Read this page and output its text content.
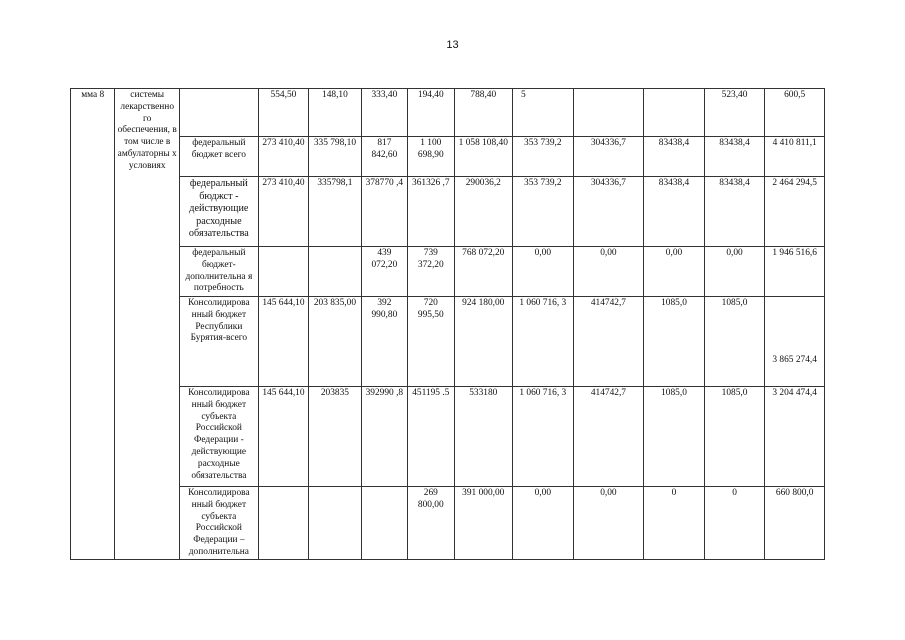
13
мма 8	системы лекарственно го обеспечения, в том числе в амбулаторны х условиях		554,50	148,10	333,40	194,40	788,40	5			523,40	600,5
		федеральный бюджет всего	273 410,40	335 798,10	817 842,60	1 100 698,90	1 058 108,40	353 739,2	304336,7	83438,4	83438,4	4 410 811,1
		федеральный бюджст - действующие расходные обязательства	273 410,40	335798,1	378770 ,4	361326 ,7	290036,2	353 739,2	304336,7	83438,4	83438,4	2 464 294,5
		федеральный бюджет- дополнительна я потребность			439 072,20	739 372,20	768 072,20	0,00	0,00	0,00	0,00	1 946 516,6
		Консолидирова нный бюджет Республики Бурятия-всего	145 644,10	203 835,00	392 990,80	720 995,50	924 180,00	1 060 716, 3	414742,7	1085,0	1085,0	3 865 274,4
		Консолидирова нный бюджет субъекта Российской Федерации - действующие расходные обязательства	145 644,10	203835	392990 ,8	451195 .5	533180	1 060 716, 3	414742,7	1085,0	1085,0	3 204 474,4
		Консолидирова нный бюджет субъекта Российской Федерации – дополнительна				269 800,00	391 000,00	0,00	0,00	0	0	660 800,0
